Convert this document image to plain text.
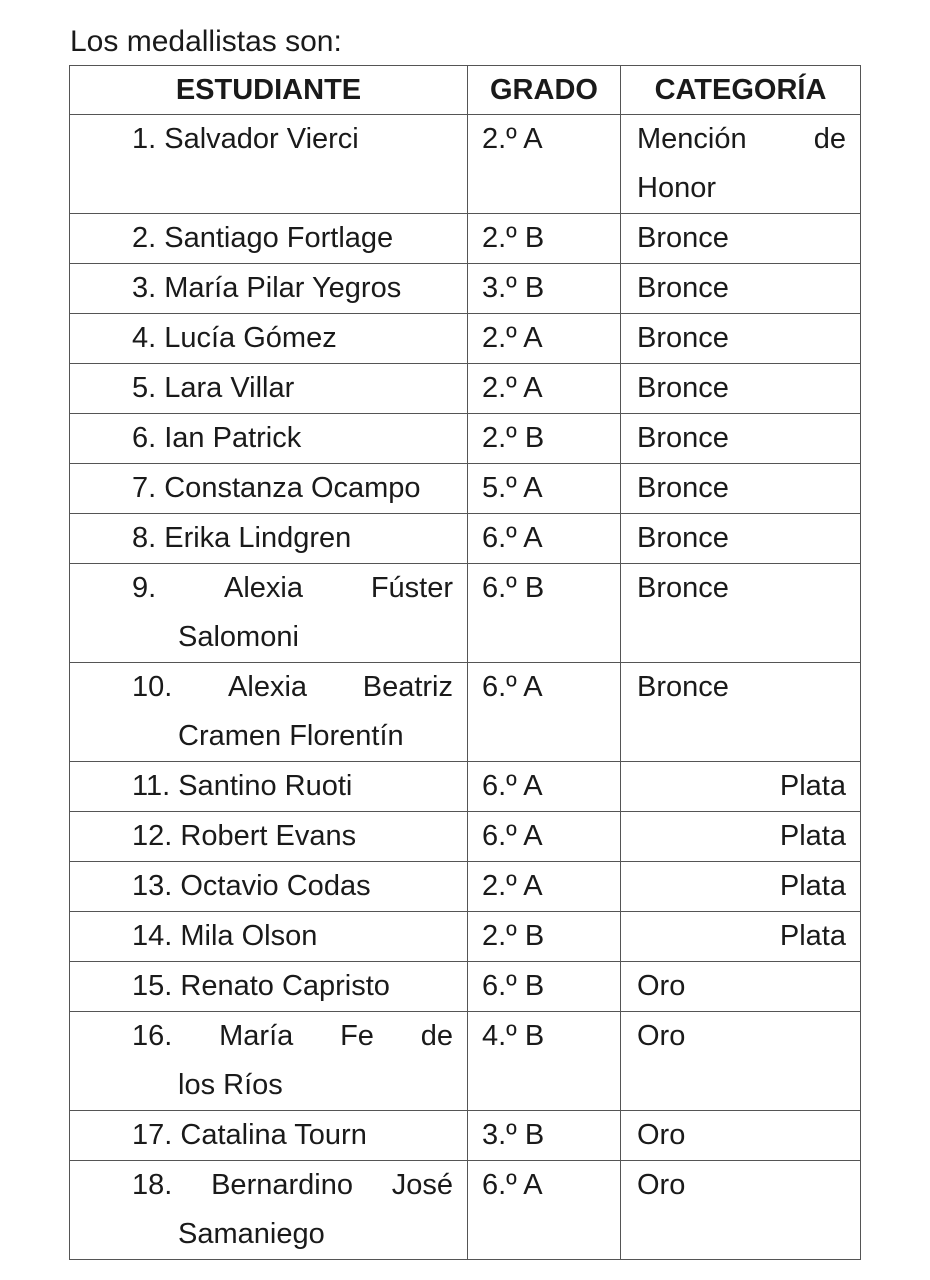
Los medallistas son:

ESTUDIANTE	GRADO	CATEGORÍA
1. Salvador Vierci	2.º A	Mención de
Honor

2. Santiago Fortlage	2.º B	Bronce
3. María Pilar Yegros	3.º B	Bronce
4. Lucía Gómez	2.º A	Bronce
5. Lara Villar	2.º A	Bronce
6. Ian Patrick	2.º B	Bronce
7. Constanza Ocampo	5.º A	Bronce
8. Erika Lindgren	6.º A	Bronce

9. Alexia Fúster
Salomoni	6.º B	Bronce

10. Alexia Beatriz
Cramen Florentín	6.º A	Bronce
11. Santino Ruoti	6.º A	Plata
12. Robert Evans	6.º A	Plata
13. Octavio Codas	2.º A	Plata
14. Mila Olson	2.º B	Plata
15. Renato Capristo	6.º B	Oro

16. María Fe de
los Ríos	4.º B	Oro
17. Catalina Tourn	3.º B	Oro

18. Bernardino José
Samaniego	6.º A	Oro
